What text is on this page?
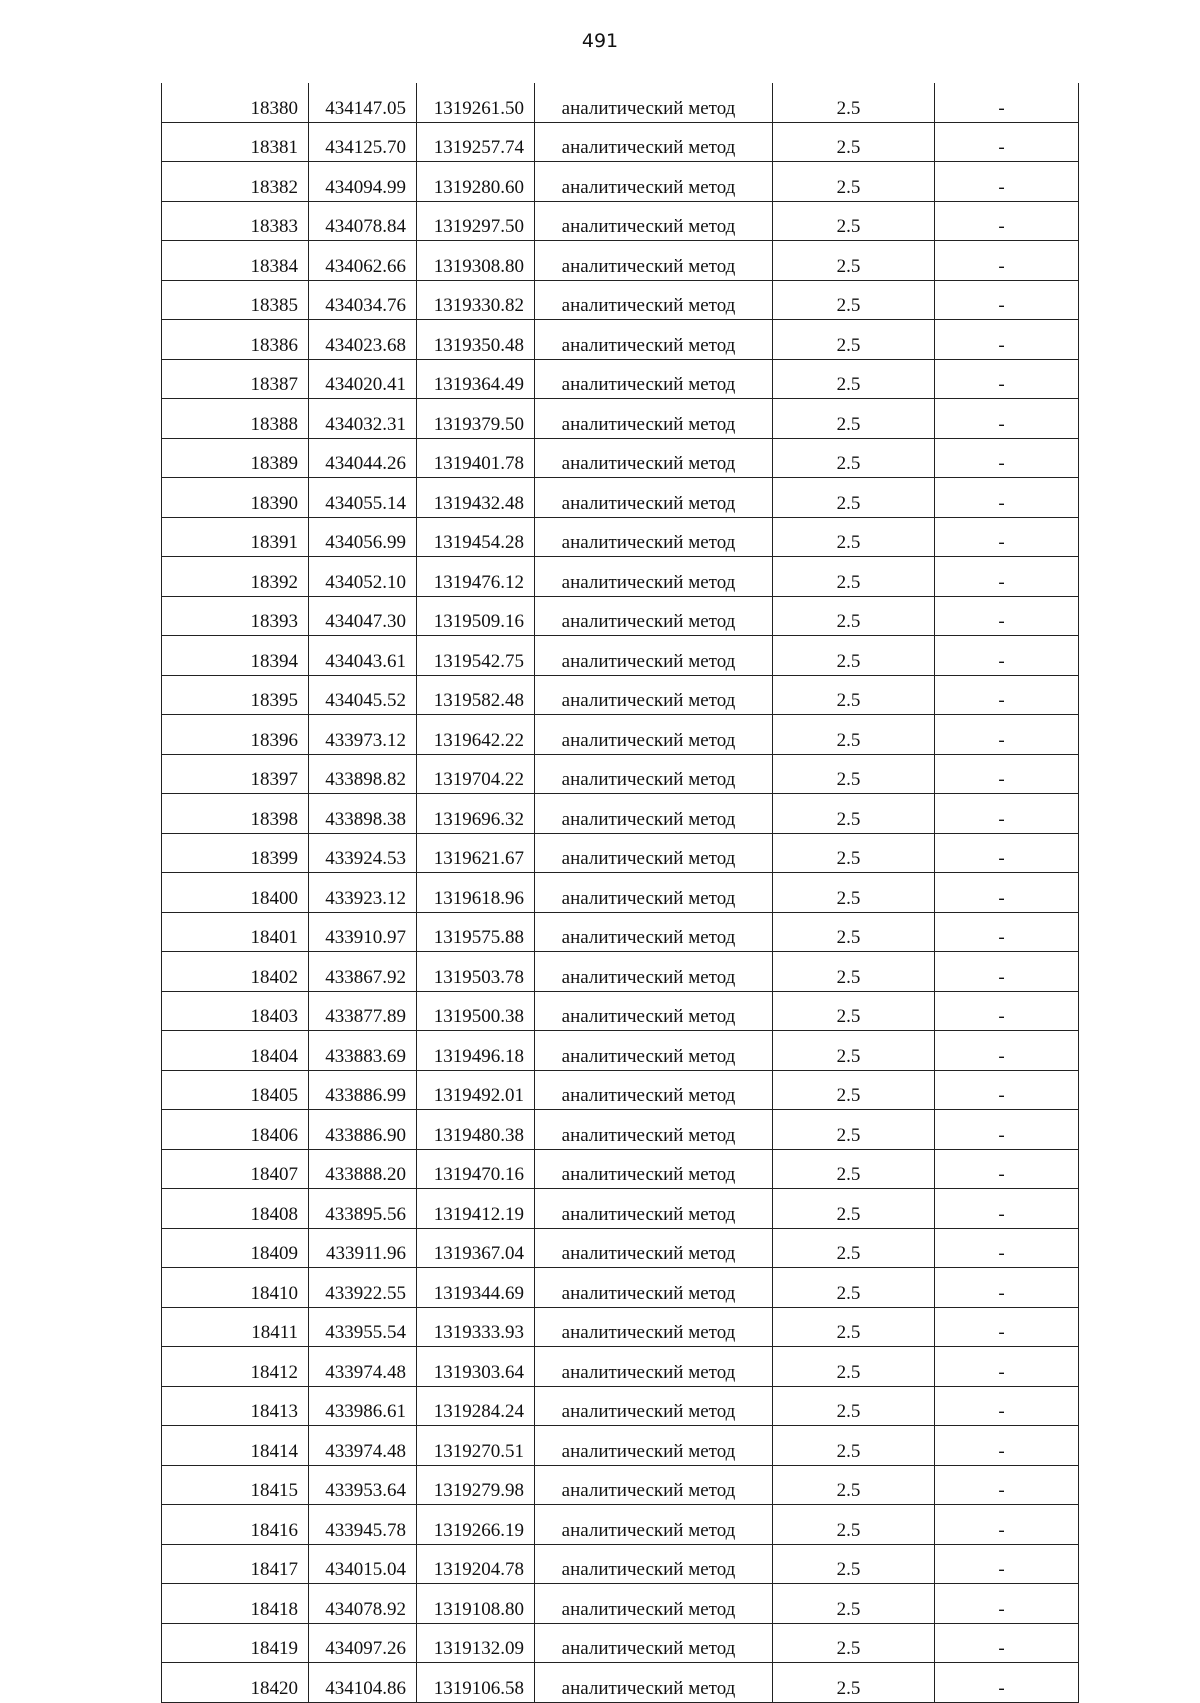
491
18380	434147.05	1319261.50	аналитический метод	2.5	-
18381	434125.70	1319257.74	аналитический метод	2.5	-
18382	434094.99	1319280.60	аналитический метод	2.5	-
18383	434078.84	1319297.50	аналитический метод	2.5	-
18384	434062.66	1319308.80	аналитический метод	2.5	-
18385	434034.76	1319330.82	аналитический метод	2.5	-
18386	434023.68	1319350.48	аналитический метод	2.5	-
18387	434020.41	1319364.49	аналитический метод	2.5	-
18388	434032.31	1319379.50	аналитический метод	2.5	-
18389	434044.26	1319401.78	аналитический метод	2.5	-
18390	434055.14	1319432.48	аналитический метод	2.5	-
18391	434056.99	1319454.28	аналитический метод	2.5	-
18392	434052.10	1319476.12	аналитический метод	2.5	-
18393	434047.30	1319509.16	аналитический метод	2.5	-
18394	434043.61	1319542.75	аналитический метод	2.5	-
18395	434045.52	1319582.48	аналитический метод	2.5	-
18396	433973.12	1319642.22	аналитический метод	2.5	-
18397	433898.82	1319704.22	аналитический метод	2.5	-
18398	433898.38	1319696.32	аналитический метод	2.5	-
18399	433924.53	1319621.67	аналитический метод	2.5	-
18400	433923.12	1319618.96	аналитический метод	2.5	-
18401	433910.97	1319575.88	аналитический метод	2.5	-
18402	433867.92	1319503.78	аналитический метод	2.5	-
18403	433877.89	1319500.38	аналитический метод	2.5	-
18404	433883.69	1319496.18	аналитический метод	2.5	-
18405	433886.99	1319492.01	аналитический метод	2.5	-
18406	433886.90	1319480.38	аналитический метод	2.5	-
18407	433888.20	1319470.16	аналитический метод	2.5	-
18408	433895.56	1319412.19	аналитический метод	2.5	-
18409	433911.96	1319367.04	аналитический метод	2.5	-
18410	433922.55	1319344.69	аналитический метод	2.5	-
18411	433955.54	1319333.93	аналитический метод	2.5	-
18412	433974.48	1319303.64	аналитический метод	2.5	-
18413	433986.61	1319284.24	аналитический метод	2.5	-
18414	433974.48	1319270.51	аналитический метод	2.5	-
18415	433953.64	1319279.98	аналитический метод	2.5	-
18416	433945.78	1319266.19	аналитический метод	2.5	-
18417	434015.04	1319204.78	аналитический метод	2.5	-
18418	434078.92	1319108.80	аналитический метод	2.5	-
18419	434097.26	1319132.09	аналитический метод	2.5	-
18420	434104.86	1319106.58	аналитический метод	2.5	-
